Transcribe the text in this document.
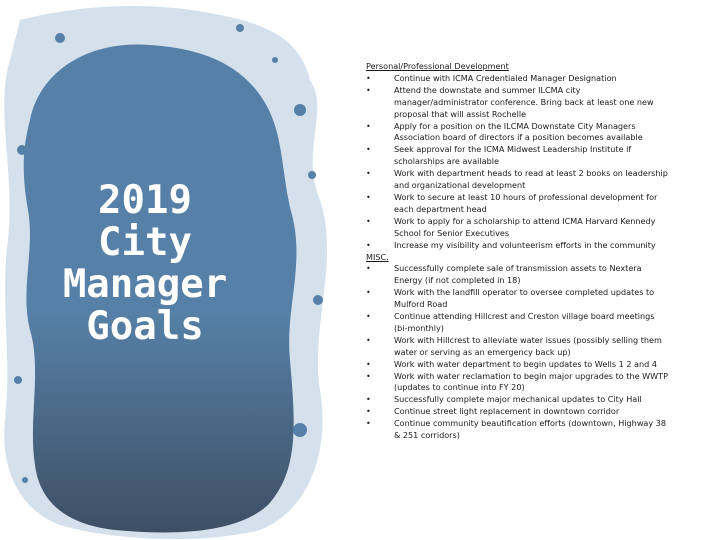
2019
City
Manager
Goals
Personal/Professional Development
•	Continue with ICMA Credentialed Manager Designation
•	Attend the downstate and summer ILCMA city manager/administrator conference. Bring back at least one new proposal that will assist Rochelle
•	Apply for a position on the ILCMA Downstate City Managers Association board of directors if a position becomes available
•	Seek approval for the ICMA Midwest Leadership Institute if scholarships are available
•	Work with department heads to read at least 2 books on leadership and organizational development
•	Work to secure at least 10 hours of professional development for each department head
•	Work to apply for a scholarship to attend ICMA Harvard Kennedy School for Senior Executives
•	Increase my visibility and volunteerism efforts in the community
MISC.
•	Successfully complete sale of transmission assets to Nextera Energy (if not completed in 18)
•	Work with the landfill operator to oversee completed updates to Mulford Road
•	Continue attending Hillcrest and Creston village board meetings (bi-monthly)
•	Work with Hillcrest to alleviate water issues (possibly selling them water or serving as an emergency back up)
•	Work with water department to begin updates to Wells 1 2 and 4
•	Work with water reclamation to begin major upgrades to the WWTP (updates to continue into FY 20)
•	Successfully complete major mechanical updates to City Hall
•	Continue street light replacement in downtown corridor
•	Continue community beautification efforts (downtown, Highway 38 & 251 corridors)
